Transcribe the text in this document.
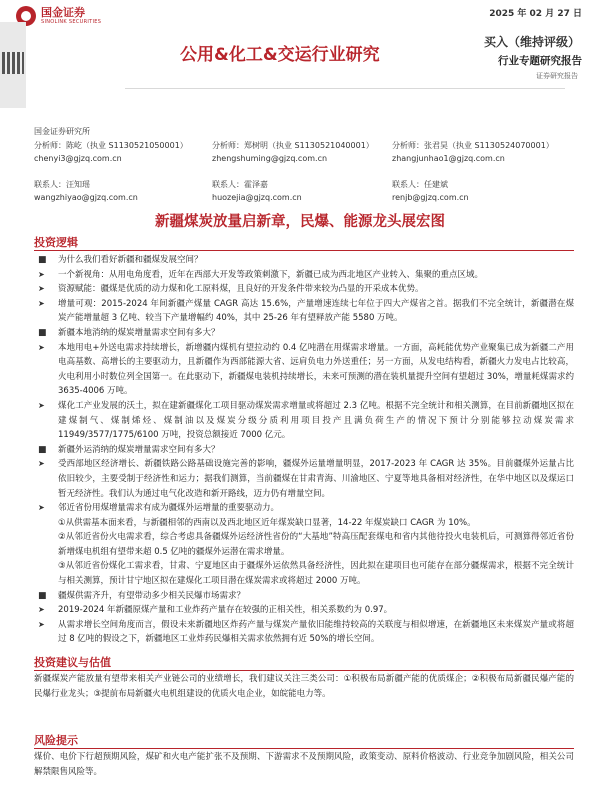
国金证券
SINOLINK SECURITIES
2025 年 02 月 27 日
公用&化工&交运行业研究
买入（维持评级）
行业专题研究报告
证券研究报告
国金证券研究所
分析师：陈屹（执业 S1130521050001）
chenyi3@gjzq.com.cn
分析师：郑树明（执业 S1130521040001）
zhengshuming@gjzq.com.cn
分析师：张君昊（执业 S1130524070001）
zhangjunhao1@gjzq.com.cn
联系人：汪知瑶
wangzhiyao@gjzq.com.cn
联系人：霍泽嘉
huozejia@gjzq.com.cn
联系人：任建斌
renjb@gjzq.com.cn
新疆煤炭放量启新章，民爆、能源龙头展宏图
投资逻辑
■ 为什么我们看好新疆和疆煤发展空间？
➤ 一个新视角：从用电角度看，近年在西部大开发等政策刺激下，新疆已成为西北地区产业转入、集聚的重点区域。
➤ 资源赋能：疆煤是优质的动力煤和化工原料煤，且良好的开发条件带来较为凸显的开采成本优势。
➤ 增量可观：2015-2024 年间新疆产煤量 CAGR 高达 15.6%，产量增速连续七年位于四大产煤省之首。据我们不完全统计，新疆潜在煤炭产能增量超 3 亿吨、较当下产量增幅约 40%，其中 25-26 年有望释放产能 5580 万吨。
■ 新疆本地消纳的煤炭增量需求空间有多大？
➤ 本地用电+外送电需求持续增长，新增疆内煤机有望拉动约 0.4 亿吨潜在用煤需求增量。一方面，高耗能优势产业聚集已成为新疆二产用电高基数、高增长的主要驱动力，且新疆作为西部能源大省、远肩负电力外送重任；另一方面，从发电结构看，新疆火力发电占比较高，火电利用小时数位列全国第一。在此驱动下，新疆煤电装机持续增长，未来可预测的潜在装机量提升空间有望超过 30%，增量耗煤需求约 3635-4006 万吨。
➤ 煤化工产业发展的沃土，拟在建新疆煤化工项目驱动煤炭需求增量或将超过 2.3 亿吨。根据不完全统计和相关测算，在目前新疆地区拟在建煤制气、煤制烯烃、煤制油以及煤炭分级分质利用项目投产且满负荷生产的情况下预计分别能够拉动煤炭需求 11949/3577/1775/6100 万吨，投资总额接近 7000 亿元。
■ 新疆外运消纳的煤炭增量需求空间有多大？
➤ 受西部地区经济增长、新疆铁路公路基础设施完善的影响，疆煤外运量增量明显，2017-2023 年 CAGR 达 35%。目前疆煤外运量占比依旧较少，主要受制于经济性和运力；据我们测算，当前疆煤在甘肃青海、川渝地区、宁夏等地具备相对经济性，在华中地区以及煤运口暂无经济性。我们认为通过电气化改造和新开路线，迈力仍有增量空间。
➤ 邻近省份用煤增量需求有成为疆煤外运增量的重要驱动力。
①从供需基本面来看，与新疆相邻的西南以及西北地区近年煤炭缺口显著，14-22 年煤炭缺口 CAGR 为 10%。
②从邻近省份火电需求看，综合考虑具备疆煤外运经济性省份的“大基地”特高压配套煤电和省内其他待投火电装机后，可测算得邻近省份新增煤电机组有望带来超 0.5 亿吨的疆煤外运潜在需求增量。
③从邻近省份煤化工需求看，甘肃、宁夏地区由于疆煤外运依然具备经济性，因此拟在建项目也可能存在部分疆煤需求，根据不完全统计与相关测算，预计甘宁地区拟在建煤化工项目潜在煤炭需求或将超过 2000 万吨。
■ 疆煤供需齐升，有望带动多少相关民爆市场需求？
➤ 2019-2024 年新疆原煤产量和工业炸药产量存在较强的正相关性，相关系数约为 0.97。
➤ 从需求增长空间角度而言，假设未来新疆地区炸药产量与煤炭产量依旧能维持较高的关联度与相似增速，在新疆地区未来煤炭产量或将超过 8 亿吨的假设之下，新疆地区工业炸药民爆相关需求依然拥有近 50%的增长空间。
投资建议与估值
新疆煤炭产能放量有望带来相关产业链公司的业绩增长，我们建议关注三类公司：①积极布局新疆产能的优质煤企；②积极布局新疆民爆产能的民爆行业龙头；③提前布局新疆火电机组建设的优质火电企业，如皖能电力等。
风险提示
煤价、电价下行超预期风险，煤矿和火电产能扩张不及预期、下游需求不及预期风险，政策变动、原料价格波动、行业竞争加剧风险，相关公司解禁限售风险等。
